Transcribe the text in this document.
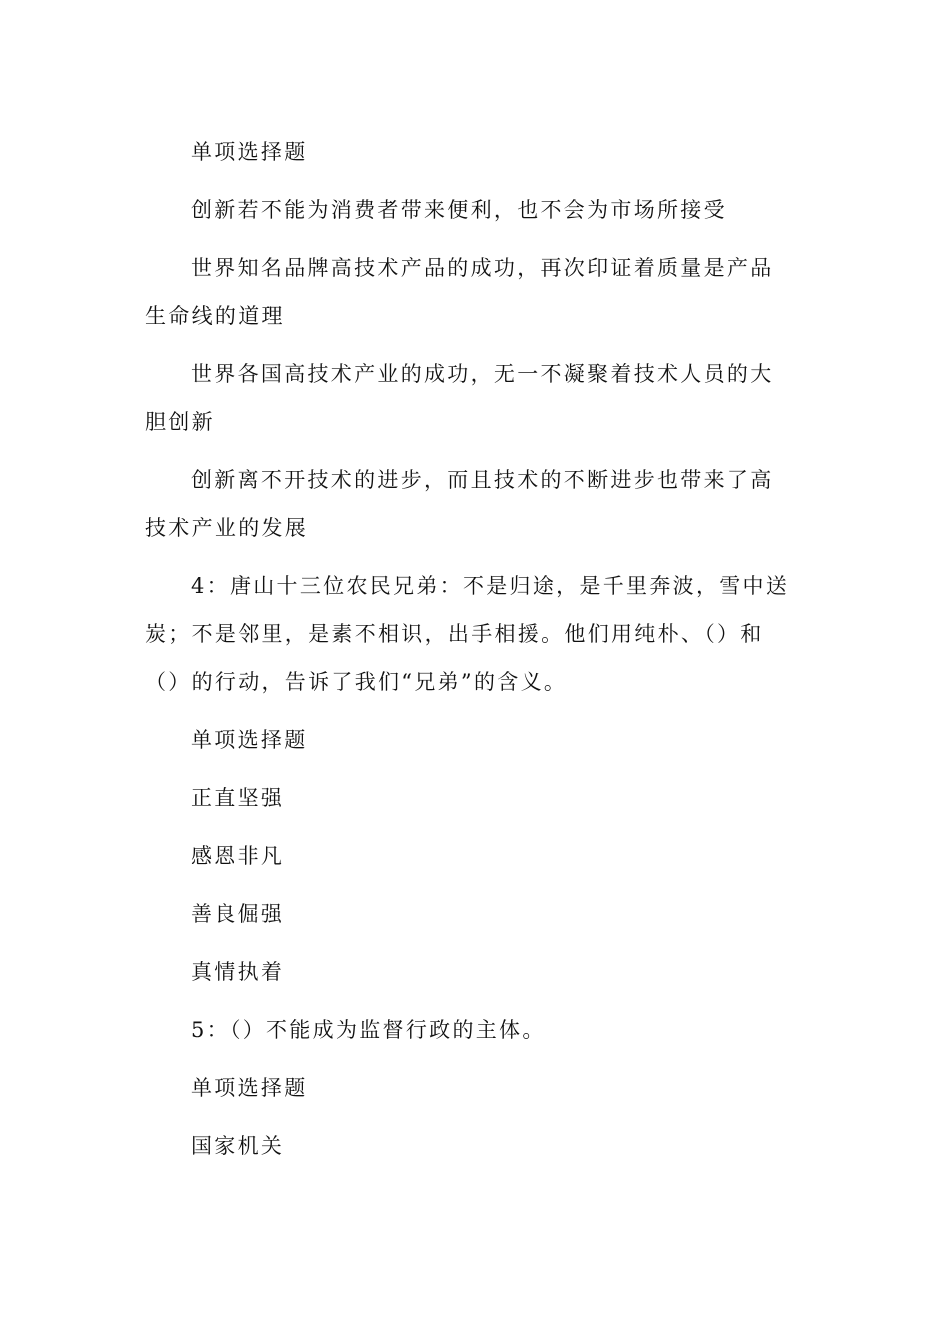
单项选择题

创新若不能为消费者带来便利，也不会为市场所接受

世界知名品牌高技术产品的成功，再次印证着质量是产品生命线的道理

世界各国高技术产业的成功，无一不凝聚着技术人员的大胆创新

创新离不开技术的进步，而且技术的不断进步也带来了高技术产业的发展

4：唐山十三位农民兄弟：不是归途，是千里奔波，雪中送炭；不是邻里，是素不相识，出手相援。他们用纯朴、（）和（）的行动，告诉了我们“兄弟”的含义。

单项选择题

正直坚强

感恩非凡

善良倔强

真情执着

5：（）不能成为监督行政的主体。

单项选择题

国家机关
